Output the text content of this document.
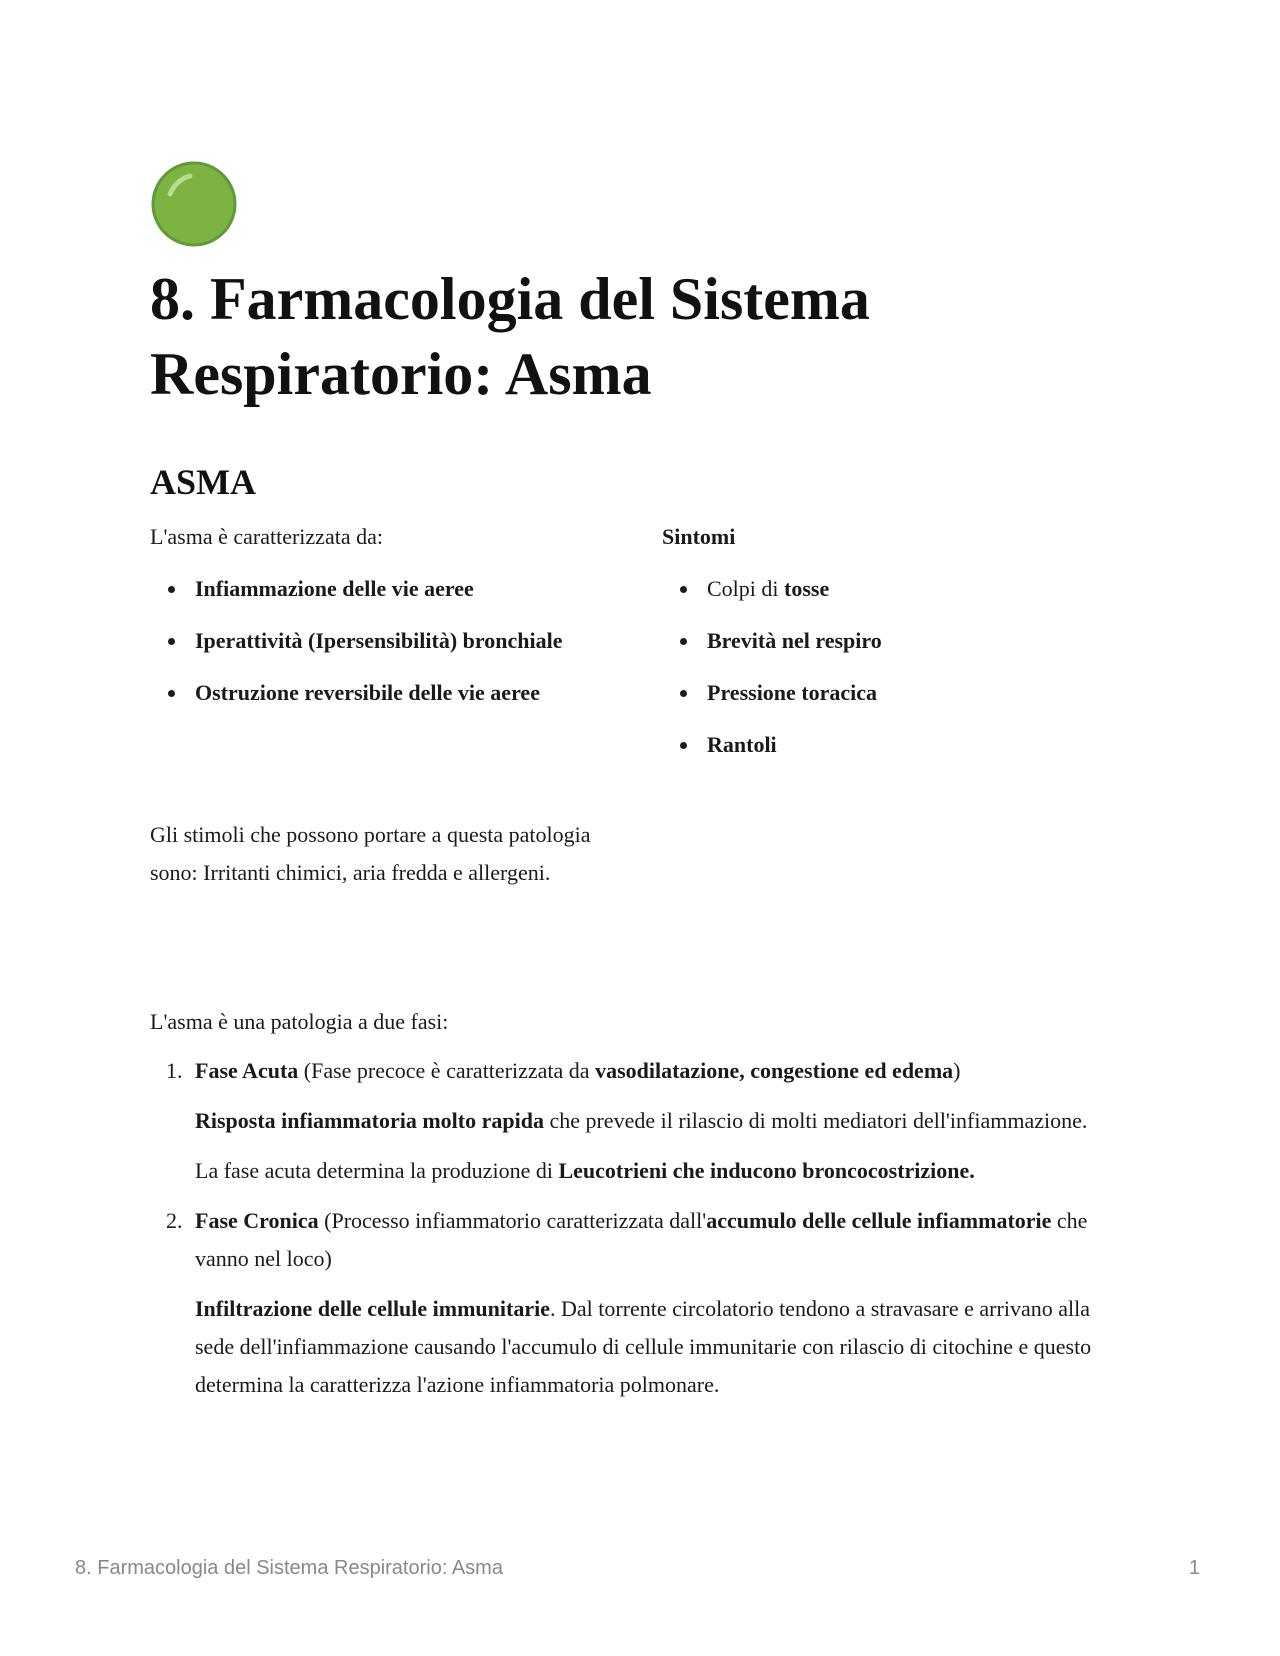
8. Farmacologia del Sistema Respiratorio: Asma
ASMA

L'asma è caratterizzata da:

Infiammazione delle vie aeree
Iperattività (Ipersensibilità) bronchiale
Ostruzione reversibile delle vie aeree

Sintomi

Colpi di tosse
Brevità nel respiro
Pressione toracica
Rantoli

Gli stimoli che possono portare a questa patologia sono: Irritanti chimici, aria fredda e allergeni.

L'asma è una patologia a due fasi:

1. Fase Acuta (Fase precoce è caratterizzata da vasodilatazione, congestione ed edema)

Risposta infiammatoria molto rapida che prevede il rilascio di molti mediatori dell'infiammazione.

La fase acuta determina la produzione di Leucotrieni che inducono broncocostrizione.

2. Fase Cronica (Processo infiammatorio caratterizzata dall'accumulo delle cellule infiammatorie che vanno nel loco)

Infiltrazione delle cellule immunitarie. Dal torrente circolatorio tendono a stravasare e arrivano alla sede dell'infiammazione causando l'accumulo di cellule immunitarie con rilascio di citochine e questo determina la caratterizza l'azione infiammatoria polmonare.

8. Farmacologia del Sistema Respiratorio: Asma	1
